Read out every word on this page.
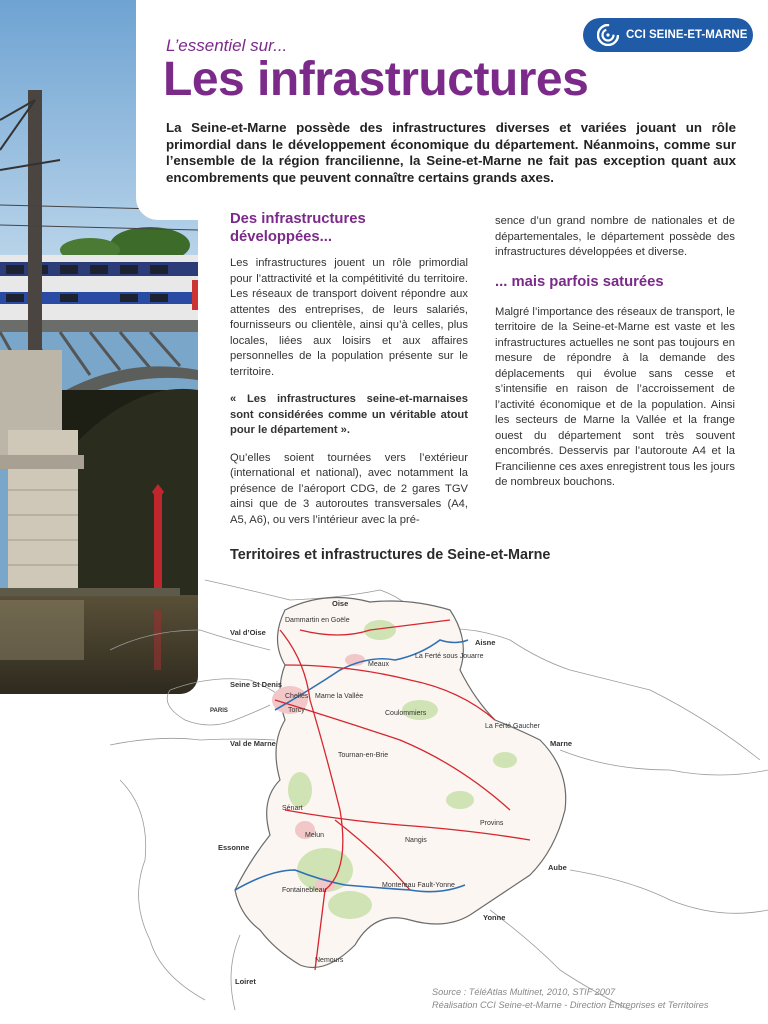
L’essentiel sur...
Les infrastructures
CCI SEINE-ET-MARNE

La Seine-et-Marne possède des infrastructures diverses et variées jouant un rôle primordial dans le développement économique du département. Néanmoins, comme sur l’ensemble de la région francilienne, la Seine-et-Marne ne fait pas exception quant aux encombrements que peuvent connaître certains grands axes.

Des infrastructures développées...

Les infrastructures jouent un rôle primordial pour l’attractivité et la compétitivité du territoire. Les réseaux de transport doivent répondre aux attentes des entreprises, de leurs salariés, fournisseurs ou clientèle, ainsi qu’à celles, plus locales, liées aux loisirs et aux affaires personnelles de la population présente sur le territoire.

« Les infrastructures seine-et-marnaises sont considérées comme un véritable atout pour le département ».

Qu’elles soient tournées vers l’extérieur (international et national), avec notamment la présence de l’aéroport CDG, de 2 gares TGV ainsi que de 3 autoroutes transversales (A4, A5, A6), ou vers l’intérieur avec la pré-

sence d’un grand nombre de nationales et de départementales, le département possède des infrastructures développées et diverse.

... mais parfois saturées

Malgré l’importance des réseaux de transport, le territoire de la Seine-et-Marne est vaste et les infrastructures actuelles ne sont pas toujours en mesure de répondre à la demande des déplacements qui évolue sans cesse et s’intensifie en raison de l’accroissement de l’activité économique et de la population. Ainsi les secteurs de Marne la Vallée et la frange ouest du département sont très souvent encombrés. Desservis par l’autoroute A4 et la Francilienne ces axes enregistrent tous les jours de nombreux bouchons.

Territoires et infrastructures de Seine-et-Marne
Oise
Aisne
Val d’Oise
Seine St Denis
PARIS
Val de Marne	Marne
Essonne
Aube
Yonne
Loiret
Dammartin en Goële
Meaux
La Ferté sous Jouarre
Chelles Marne la Vallée
Torcy	Coulommiers
La Ferté Gaucher
Tournan-en-Brie
Sénart
Melun
Nangis
Provins
Fontainebleau
Montereau Fault-Yonne
Nemours
Source : TéléAtlas Multinet, 2010, STIF 2007
Réalisation CCI Seine-et-Marne - Direction Entreprises et Territoires
